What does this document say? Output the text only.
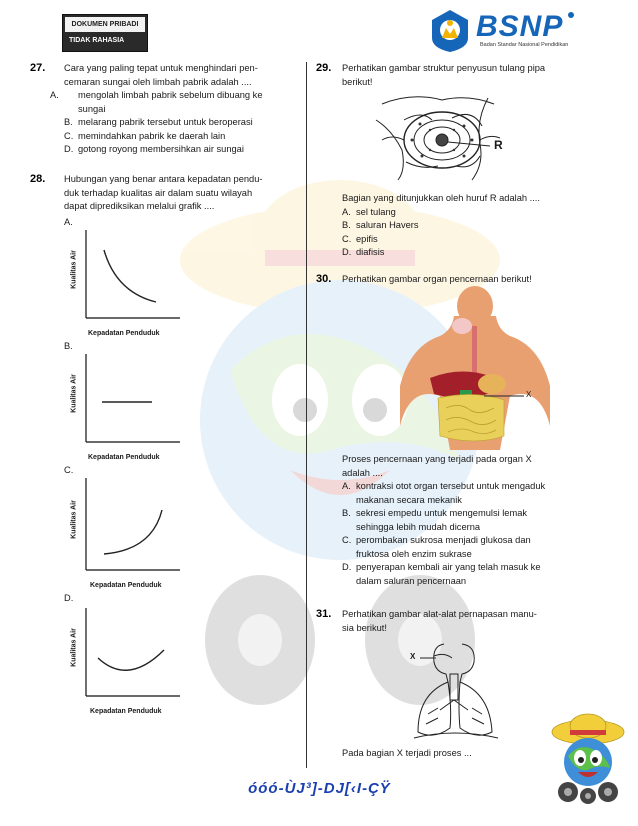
DOKUMEN PRIBADI
TIDAK RAHASIA	BSNP
Badan Standar Nasional Pendidikan
27. Cara yang paling tepat untuk menghindari pen-
cemaran sungai oleh limbah pabrik adalah ....
A. mengolah limbah pabrik sebelum dibuang ke
sungai
B. melarang pabrik tersebut untuk beroperasi
C. memindahkan pabrik ke daerah lain
D. gotong royong membersihkan air sungai
28. Hubungan yang benar antara kepadatan pendu-
duk terhadap kualitas air dalam suatu wilayah
dapat diprediksikan melalui grafik ....
A.
B.
C.
D.
Kualitas Air
Kepadatan Penduduk
Kualitas Air
Kepadatan Penduduk
Kualitas Air
Kepadatan Penduduk
Kualitas Air
Kepadatan Penduduk
29. Perhatikan gambar struktur penyusun tulang pipa
berikut!
R
Bagian yang ditunjukkan oleh huruf R adalah ....
A. sel tulang
B. saluran Havers
C. epifis
D. diafisis
30. Perhatikan gambar organ pencernaan berikut!
X
Proses pencernaan yang terjadi pada organ X
adalah ....
A. kontraksi otot organ tersebut untuk mengaduk
makanan secara mekanik
B. sekresi empedu untuk mengemulsi lemak
sehingga lebih mudah dicerna
C. perombakan sukrosa menjadi glukosa dan
fruktosa oleh enzim sukrase
D. penyerapan kembali air yang telah masuk ke
dalam saluran pencernaan
31. Perhatikan gambar alat-alat pernapasan manu-
sia berikut!
X
Pada bagian X terjadi proses ...
óóó-ÙJ³]-DJ[‹I-ÇŸ
